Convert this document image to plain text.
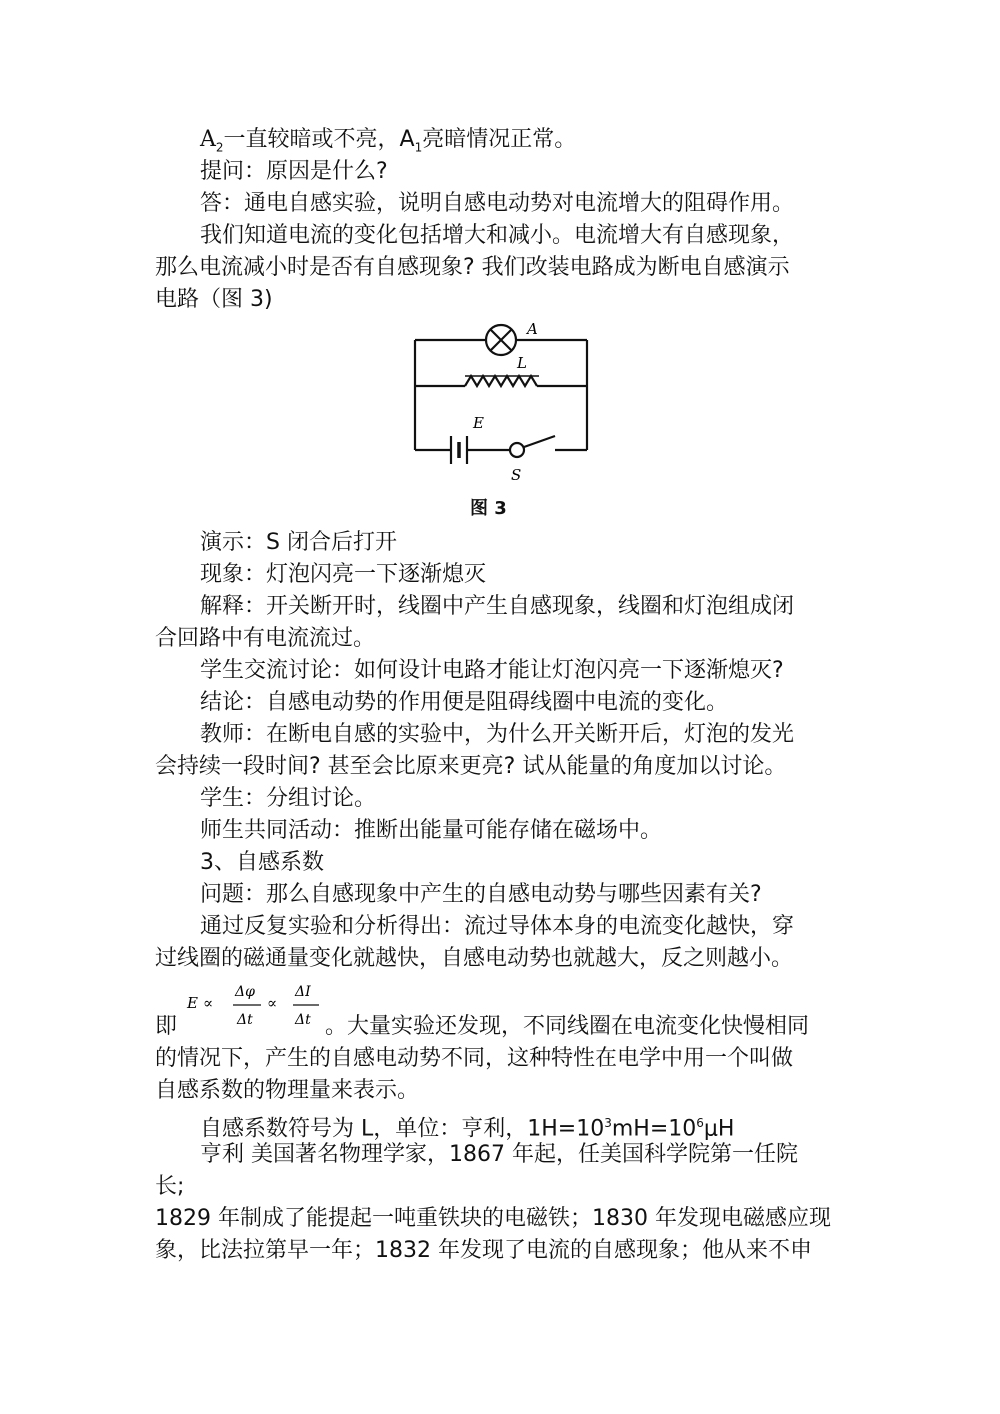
$A_2$一直较暗或不亮，$A_1$亮暗情况正常。
提问：原因是什么?
答：通电自感实验，说明自感电动势对电流增大的阻碍作用。
我们知道电流的变化包括增大和减小。电流增大有自感现象，
那么电流减小时是否有自感现象? 我们改装电路成为断电自感演示
电路（图 3)
A
L
E
S
图 3
演示：S 闭合后打开
现象：灯泡闪亮一下逐渐熄灭
解释：开关断开时，线圈中产生自感现象，线圈和灯泡组成闭
合回路中有电流流过。
学生交流讨论：如何设计电路才能让灯泡闪亮一下逐渐熄灭?
结论：自感电动势的作用便是阻碍线圈中电流的变化。
教师：在断电自感的实验中，为什么开关断开后，灯泡的发光
会持续一段时间? 甚至会比原来更亮? 试从能量的角度加以讨论。
学生：分组讨论。
师生共同活动：推断出能量可能存储在磁场中。
3、自感系数
问题：那么自感现象中产生的自感电动势与哪些因素有关?
通过反复实验和分析得出：流过导体本身的电流变化越快，穿
过线圈的磁通量变化就越快，自感电动势也就越大，反之则越小。
即
E ∝
Δφ
Δt
∝
ΔI
Δt 。大量实验还发现，不同线圈在电流变化快慢相同
的情况下，产生的自感电动势不同，这种特性在电学中用一个叫做
自感系数的物理量来表示。
自感系数符号为 L，单位：亨利，$1H=10^3mH=10^6\mu H$
亨利 美国著名物理学家，1867 年起，任美国科学院第一任院
长;
1829 年制成了能提起一吨重铁块的电磁铁；1830 年发现电磁感应现
象，比法拉第早一年；1832 年发现了电流的自感现象；他从来不申
